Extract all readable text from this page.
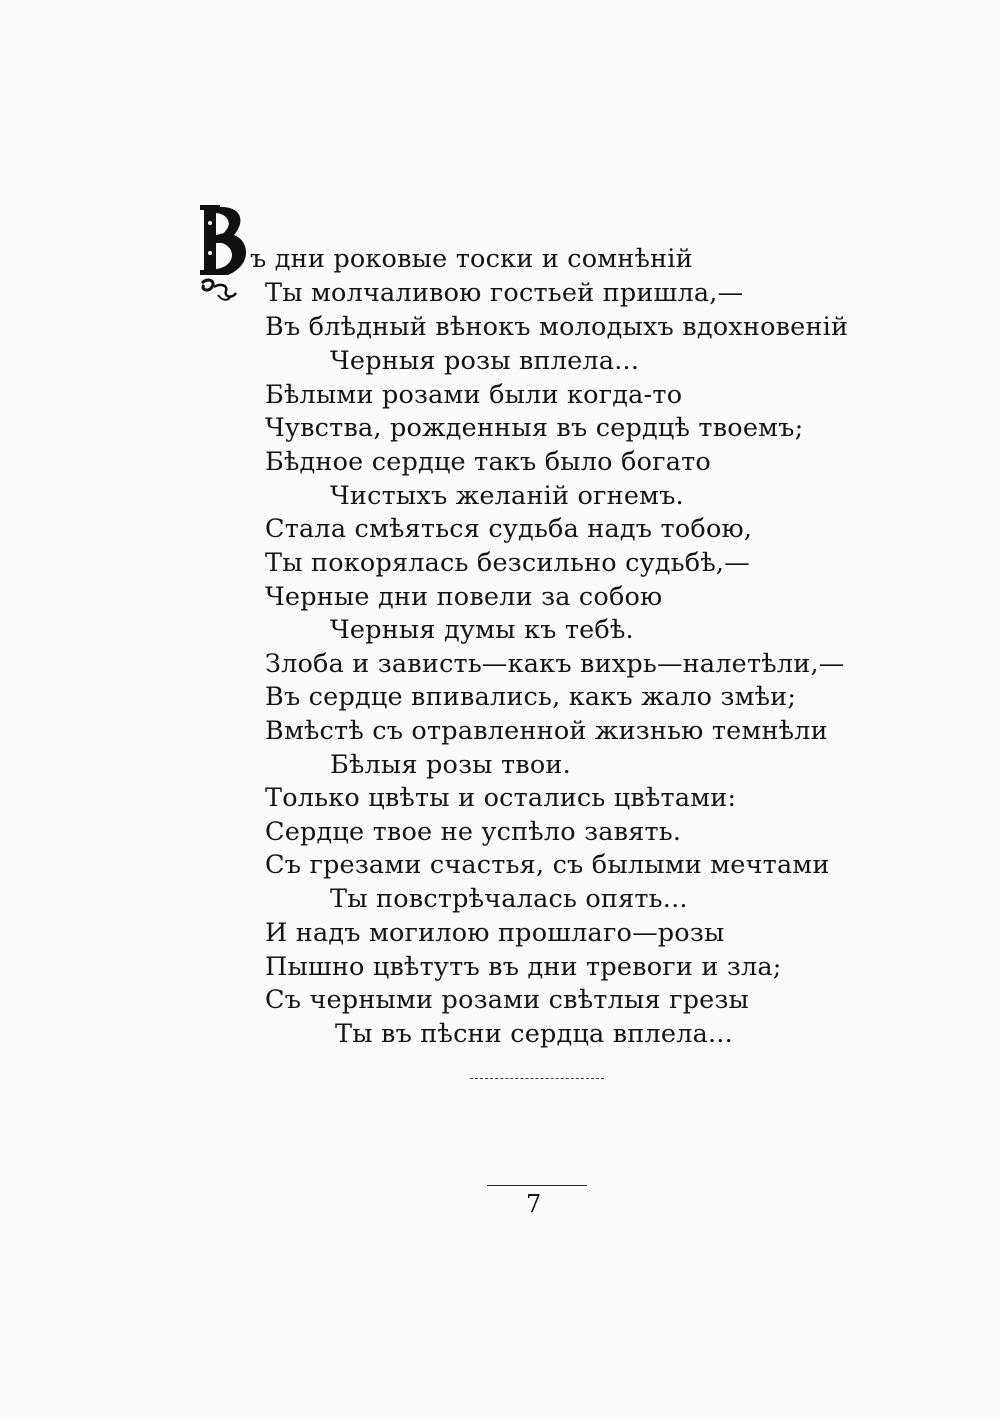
ъ дни роковые тоски и сомнѣній
Ты молчаливою гостьей пришла,—
Въ блѣдный вѣнокъ молодыхъ вдохновеній
Черныя розы вплела...
Бѣлыми розами были когда-то
Чувства, рожденныя въ сердцѣ твоемъ;
Бѣдное сердце такъ было богато
Чистыхъ желаній огнемъ.
Стала смѣяться судьба надъ тобою,
Ты покорялась безсильно судьбѣ,—
Черные дни повели за собою
Черныя думы къ тебѣ.
Злоба и зависть—какъ вихрь—налетѣли,—
Въ сердце впивались, какъ жало змѣи;
Вмѣстѣ съ отравленной жизнью темнѣли
Бѣлыя розы твои.
Только цвѣты и остались цвѣтами:
Сердце твое не успѣло завять.
Съ грезами счастья, съ былыми мечтами
Ты повстрѣчалась опять...
И надъ могилою прошлаго—розы
Пышно цвѣтутъ въ дни тревоги и зла;
Съ черными розами свѣтлыя грезы
Ты въ пѣсни сердца вплела...
7
